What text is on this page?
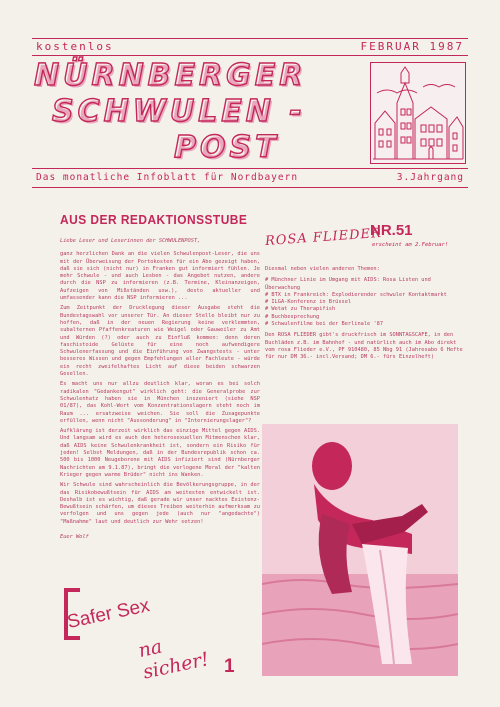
kostenlos	FEBRUAR 1987
NÜRNBERGER
SCHWULEN -
POST
Das monatliche Infoblatt für Nordbayern	3.Jahrgang
AUS DER REDAKTIONSSTUBE

Liebe Leser und Leserinnen der SCHWULENPOST,

ganz herzlichen Dank an die vielen Schwulenpost-Leser, die uns mit der Überweisung der Portokosten für ein Abo gezeigt haben, daß sie sich (nicht nur) in Franken gut informiert fühlen. Je mehr Schwule - und auch Lesben - das Angebot nutzen, andere durch die NSP zu informieren (z.B. Termine, Kleinanzeigen, Aufzeigen von Mißständen usw.), desto aktueller und umfassender kann die NSP informieren ...

Zum Zeitpunkt der Drucklegung dieser Ausgabe steht die Bundestagswahl vor unserer Tür. An dieser Stelle bleibt nur zu hoffen, daß in der neuen Regierung keine verklemmten, subalternen Pfaffenkreaturen wie Weigel oder Gauweiler zu Amt und Würden (?) oder auch zu Einfluß kommen: denn deren faschistoide Gelüste für eine noch aufwendigere Schwulenerfassung und die Einführung von Zwangstests - unter besseres Wissen und gegen Empfehlungen aller Fachleute - würde ein recht zweifelhaftes Licht auf diese beiden schwarzen Gesellen.

Es macht uns nur allzu deutlich klar, woran es bei solch radikalen "Gedankengut" wirklich geht: die Generalprobe zur Schwulenhatz haben sie in München inszeniert (siehe NSP 01/87), das Kohl-Wort vom Konzentrationslagern steht noch im Raum ... ersatzweise weichen. Sie soll die Zusagepunkte erfüllen, wenn nicht "Aussonderung" in "Internierungslager"?

Aufklärung ist derzeit wirklich das einzige Mittel gegen AIDS. Und langsam wird es auch den heterosexuellen Mitmenschen klar, daß AIDS keine Schwulenkrankheit ist, sondern ein Risiko für jeden! Selbst Meldungen, daß in der Bundesrepublik schon ca. 500 bis 1000 Neugeborene mit AIDS infiziert sind (Nürnberger Nachrichten am 9.1.87), bringt die verlogene Moral der "kalten Krieger gegen warme Brüder" nicht ins Wanken.

Wir Schwule sind wahrscheinlich die Bevölkerungsgruppe, in der das Risikobewußtsein für AIDS am weitesten entwickelt ist. Deshalb ist es wichtig, daß gerade wir unser nacktes Existenz-Bewußtsein schärfen, um dieses Treiben weiterhin aufmerksam zu verfolgen und uns gegen jede (auch nur "angedachte") "Maßnahme" laut und deutlich zur Wehr setzen!

Euer Wolf

ROSA FLIEDER
NR.51
erscheint am 2.Februar!

Diesmal neben vielen anderen Themen:

# Münchner Linie im Umgang mit AIDS: Rosa Listen und Überwachung
# BTX in Frankreich: Explodierender schwuler Kontaktmarkt
# ILGA-Konferenz in Brüssel
# Wetat zu Therapifish
# Buchbesprechung
# Schwulenfilme bei der Berlinale '87

Den ROSA FLIEDER gibt's druckfrisch im SONNTAGSCAFE, in den Buchläden z.B. im Bahnhof - und natürlich auch im Abo direkt vom rosa Flieder e.V., PF 910480, 85 Nbg 91 (Jahresabo 6 Hefte für nur DM 36.- incl.Versand; DM 6.- fürs Einzelheft)

Safer Sex
na sicher! 1
